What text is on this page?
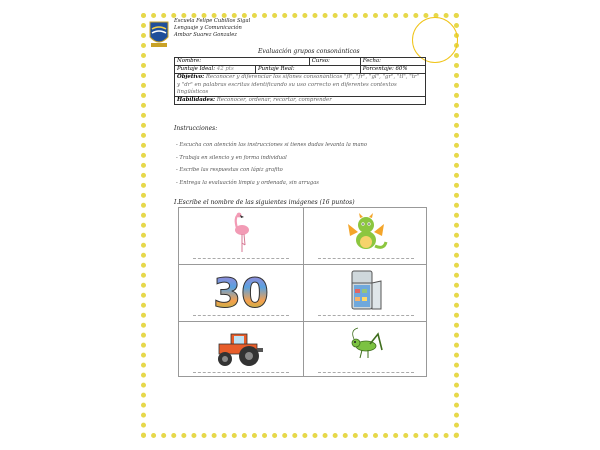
Escuela Felipe Cubillos Sigal
Lenguaje y Comunicación
Ambar Suarez Gonzalez
Evaluación grupos consonánticos
Nombre:		Curso:	Fecha:
Puntaje Ideal: 42 pts	Puntaje Real:		Porcentaje: 60%
Objetivo: Reconocer y diferenciar los sifones consonánticos "fl", "fr", "gl", "gr", "tl", "tr" y "dr" en palabras escritas identificando su uso correcto en diferentes contextos lingüísticos			
Habilidades: Reconocer, ordenar, recortar, comprender			
Instrucciones:
- Escucha con atención las instrucciones si tienes dudas levanta la mano
- Trabaja en silencio y en forma individual
- Escribe las respuestas con lápiz grafito
- Entrega la evaluación limpia y ordenada, sin arrugas
I.Escribe el nombre de las siguientes imágenes (16 puntos)
30
